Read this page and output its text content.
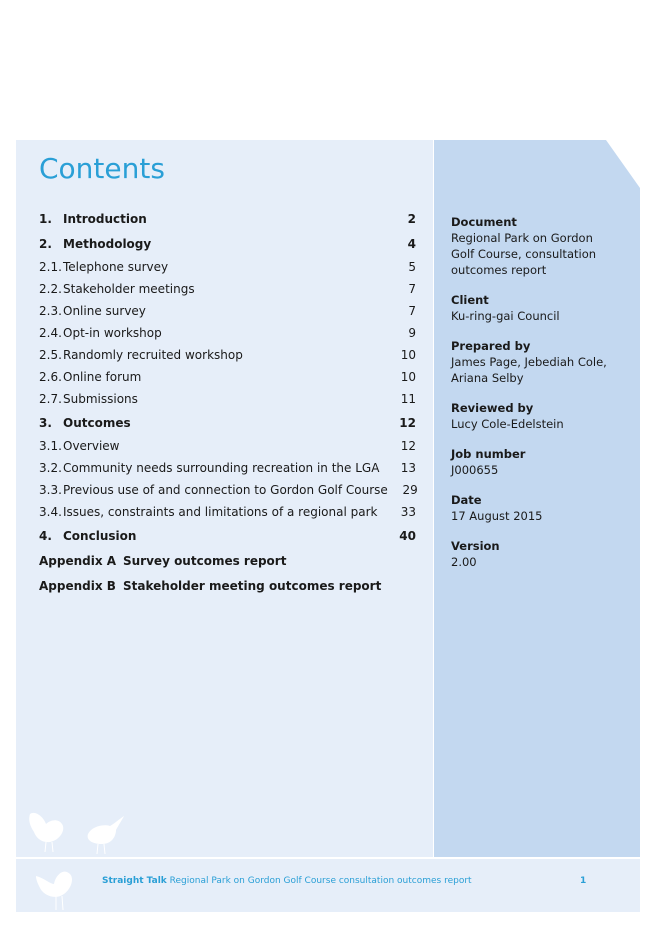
Contents
1. Introduction	2
2. Methodology	4
2.1. Telephone survey	5
2.2. Stakeholder meetings	7
2.3. Online survey	7
2.4. Opt-in workshop	9
2.5. Randomly recruited workshop	10
2.6. Online forum	10
2.7. Submissions	11
3. Outcomes	12
3.1. Overview	12
3.2. Community needs surrounding recreation in the LGA	13
3.3. Previous use of and connection to Gordon Golf Course	29
3.4. Issues, constraints and limitations of a regional park	33
4. Conclusion	40
Appendix A Survey outcomes report
Appendix B Stakeholder meeting outcomes report
Document
Regional Park on Gordon
Golf Course, consultation
outcomes report
Client
Ku-ring-gai Council
Prepared by
James Page, Jebediah Cole,
Ariana Selby
Reviewed by
Lucy Cole-Edelstein
Job number
J000655
Date
17 August 2015
Version
2.00
Straight Talk Regional Park on Gordon Golf Course consultation outcomes report	1
